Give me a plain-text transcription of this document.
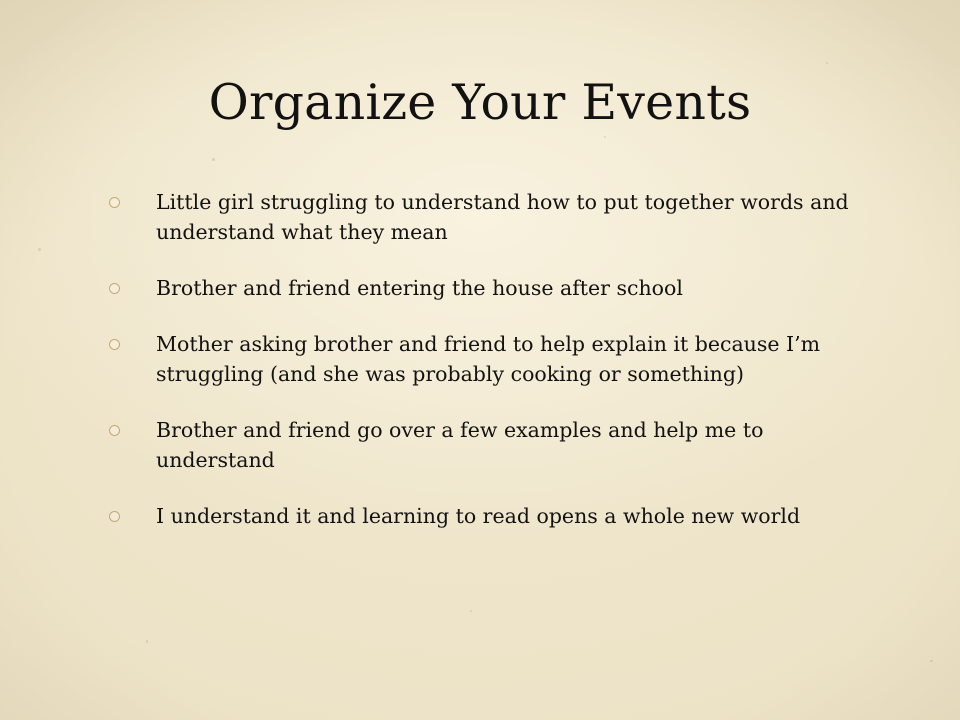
Organize Your Events
Little girl struggling to understand how to put together words and understand what they mean
Brother and friend entering the house after school
Mother asking brother and friend to help explain it because I’m struggling (and she was probably cooking or something)
Brother and friend go over a few examples and help me to understand
I understand it and learning to read opens a whole new world
